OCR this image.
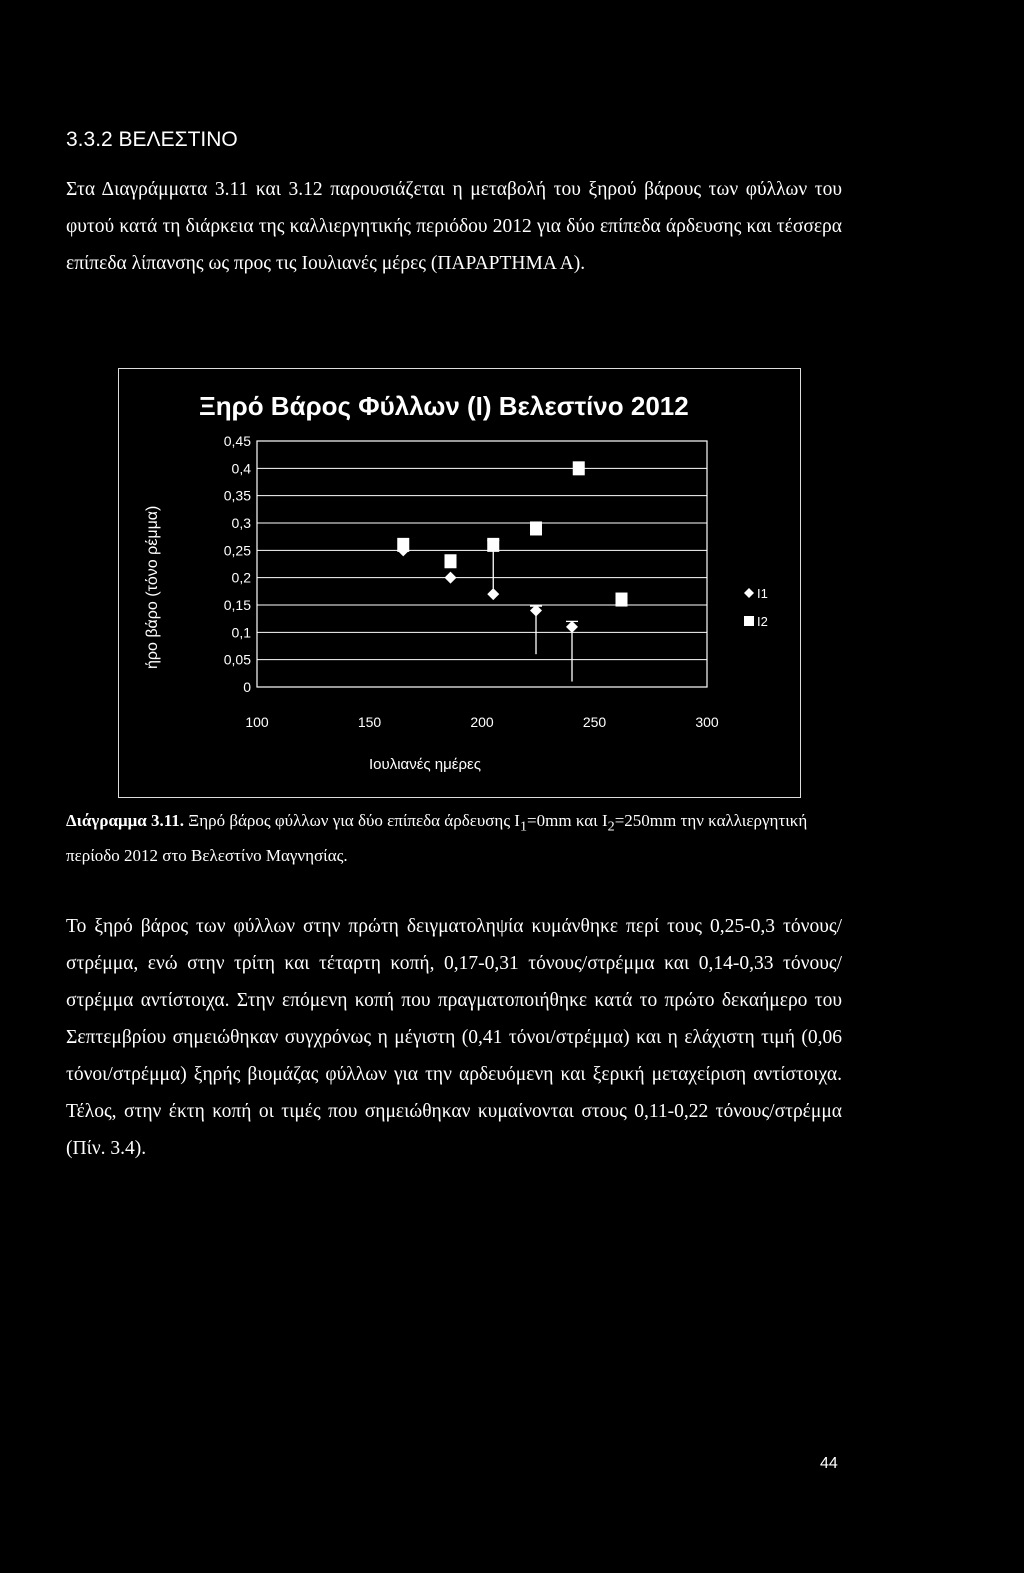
3.3.2 ΒΕΛΕΣΤΙΝΟ

Στα Διαγράμματα 3.11 και 3.12 παρουσιάζεται η μεταβολή του ξηρού βάρους των φύλλων του φυτού κατά τη διάρκεια της καλλιεργητικής περιόδου 2012 για δύο επίπεδα άρδευσης και τέσσερα επίπεδα λίπανσης ως προς τις Ιουλιανές μέρες (ΠΑΡΑΡΤΗΜΑ Α).

Ξηρό Βάρος Φύλλων (Ι) Βελεστίνο 2012
ήρο βάρο (τόνο ρέμμα)
Ιουλιανές ημέρες
0
0,05
0,1
0,15
0,2
0,25
0,3
0,35
0,4
0,45
100	150	200	250	300
I1
I2
Διάγραμμα 3.11. Ξηρό βάρος φύλλων για δύο επίπεδα άρδευσης $I_1=0mm$ και $I_2=250mm$ την καλλιεργητική περίοδο 2012 στο Βελεστίνο Μαγνησίας.

Το ξηρό βάρος των φύλλων στην πρώτη δειγματοληψία κυμάνθηκε περί τους 0,25-0,3 τόνους/στρέμμα, ενώ στην τρίτη και τέταρτη κοπή, 0,17-0,31 τόνους/στρέμμα και 0,14-0,33 τόνους/στρέμμα αντίστοιχα. Στην επόμενη κοπή που πραγματοποιήθηκε κατά το πρώτο δεκαήμερο του Σεπτεμβρίου σημειώθηκαν συγχρόνως η μέγιστη (0,41 τόνοι/στρέμμα) και η ελάχιστη τιμή (0,06 τόνοι/στρέμμα) ξηρής βιομάζας φύλλων για την αρδευόμενη και ξερική μεταχείριση αντίστοιχα. Τέλος, στην έκτη κοπή οι τιμές που σημειώθηκαν κυμαίνονται στους 0,11-0,22 τόνους/στρέμμα (Πίν. 3.4).

44
